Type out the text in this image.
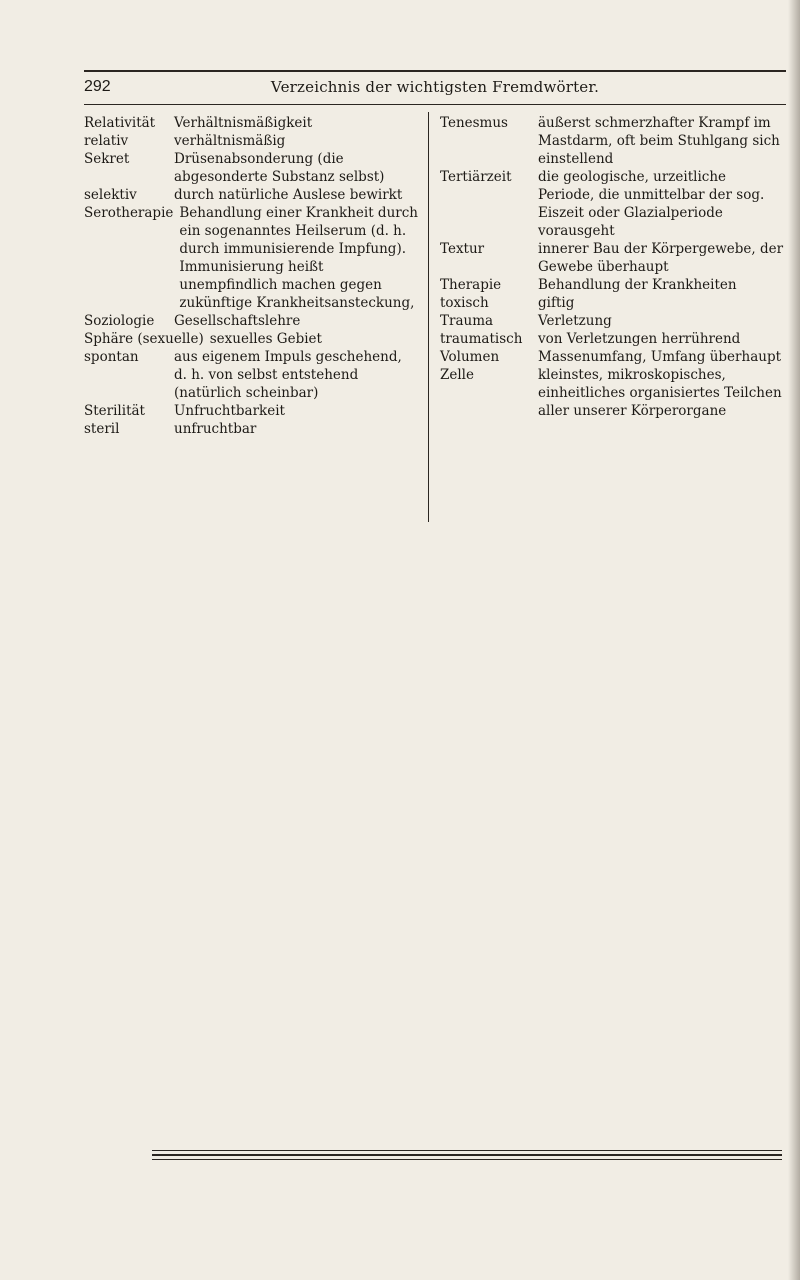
292	Verzeichnis der wichtigsten Fremdwörter.
Relativität	Verhältnismäßigkeit
relativ	verhältnismäßig
Sekret	Drüsenabsonderung (die abgesonderte Substanz selbst)
selektiv	durch natürliche Auslese bewirkt
Serotherapie Behandlung einer Krankheit durch ein sogenanntes Heilserum (d. h. durch immunisierende Impfung). Immunisierung heißt unempfindlich machen gegen zukünftige Krankheitsansteckung,
Soziologie	Gesellschaftslehre
Sphäre (sexuelle) sexuelles Gebiet
spontan	aus eigenem Impuls geschehend, d. h. von selbst entstehend (natürlich scheinbar)
Sterilität	Unfruchtbarkeit
steril	unfruchtbar
Tenesmus	äußerst schmerzhafter Krampf im Mastdarm, oft beim Stuhlgang sich einstellend
Tertiärzeit	die geologische, urzeitliche Periode, die unmittelbar der sog. Eiszeit oder Glazialperiode vorausgeht
Textur	innerer Bau der Körpergewebe, der Gewebe überhaupt
Therapie	Behandlung der Krankheiten
toxisch	giftig
Trauma	Verletzung
traumatisch	von Verletzungen herrührend
Volumen	Massenumfang, Umfang überhaupt
Zelle	kleinstes, mikroskopisches, einheitliches organisiertes Teilchen aller unserer Körperorgane
